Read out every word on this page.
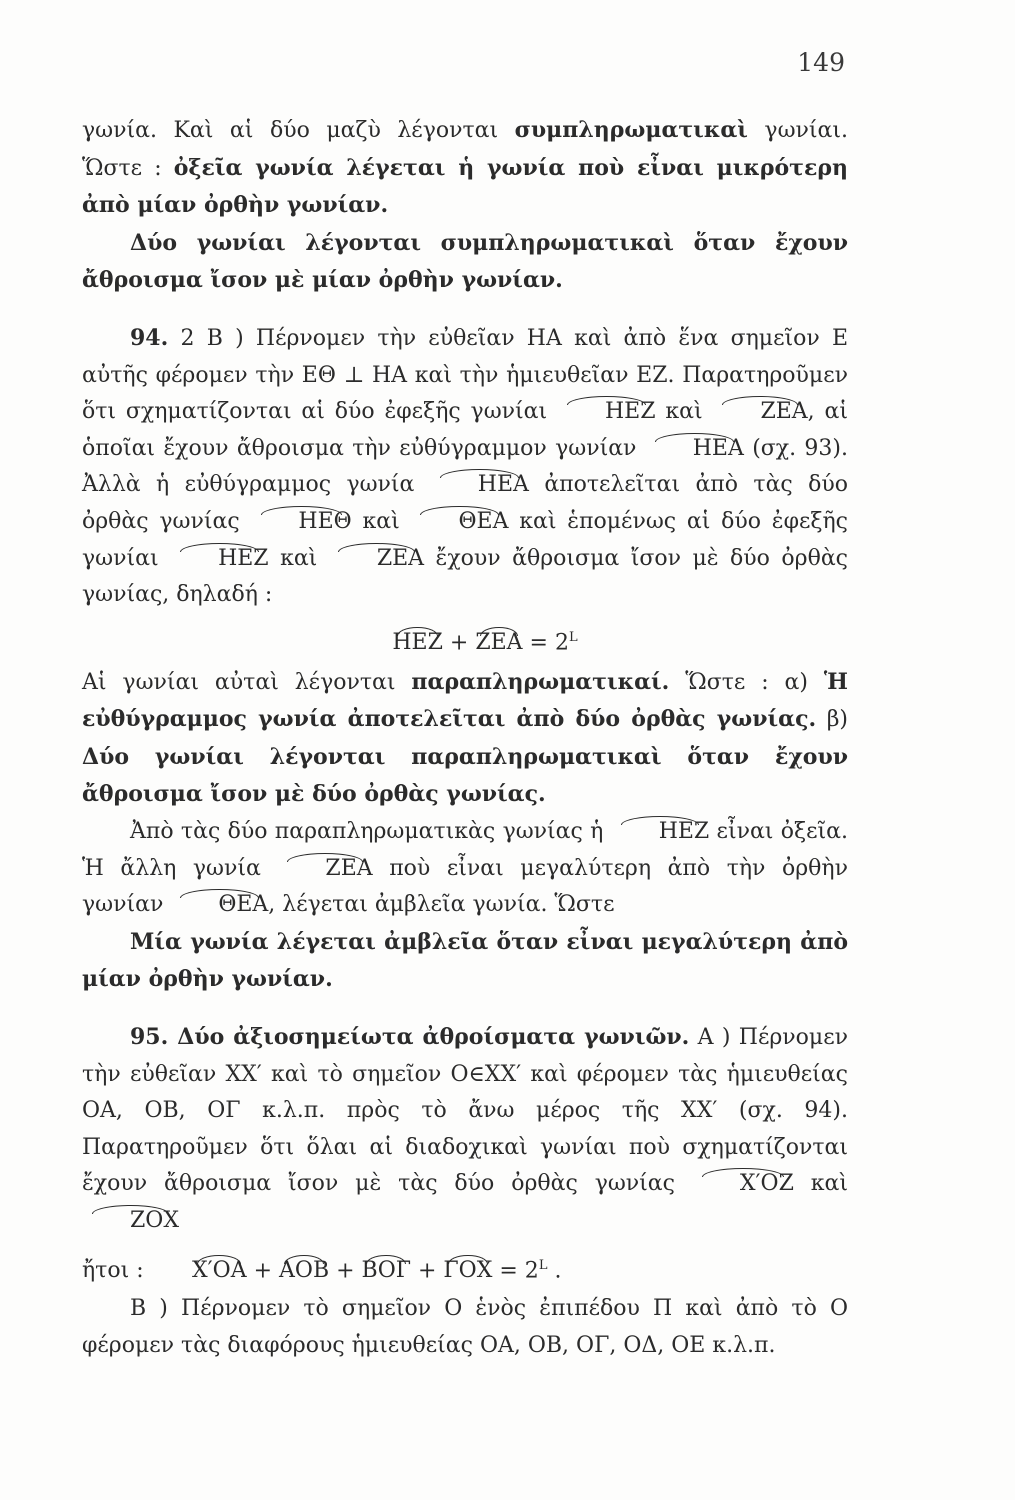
149

γωνία. Καὶ αἱ δύο μαζὺ λέγονται συμπληρωματικαὶ γωνίαι. Ὥστε : ὀξεῖα γωνία λέγεται ἡ γωνία ποὺ εἶναι μικρότερη ἀπὸ μίαν ὀρθὴν γωνίαν.

Δύο γωνίαι λέγονται συμπληρωματικαὶ ὅταν ἔχουν ἄθροισμα ἴσον μὲ μίαν ὀρθὴν γωνίαν.

94. 2 Β ) Πέρνομεν τὴν εὐθεῖαν ΗΑ καὶ ἀπὸ ἕνα σημεῖον Ε αὐτῆς φέρομεν τὴν ΕΘ ⊥ ΗΑ καὶ τὴν ἡμιευθεῖαν ΕΖ. Παρατηροῦμεν ὅτι σχηματίζονται αἱ δύο ἐφεξῆς γωνίαι ΗΕΖ καὶ ΖΕΑ, αἱ ὁποῖαι ἔχουν ἄθροισμα τὴν εὐθύγραμμον γωνίαν ΗΕΑ (σχ. 93). Ἀλλὰ ἡ εὐθύγραμμος γωνία ΗΕΑ ἀποτελεῖται ἀπὸ τὰς δύο ὀρθὰς γωνίας ΗΕΘ καὶ ΘΕΑ καὶ ἑπομένως αἱ δύο ἐφεξῆς γωνίαι ΗΕΖ καὶ ΖΕΑ ἔχουν ἄθροισμα ἴσον μὲ δύο ὀρθὰς γωνίας, δηλαδή :

$HEZ + ZEA = 2^L$

Αἱ γωνίαι αὐταὶ λέγονται παραπληρωματικαί. Ὥστε : α) Ἡ εὐθύγραμμος γωνία ἀποτελεῖται ἀπὸ δύο ὀρθὰς γωνίας. β) Δύο γωνίαι λέγονται παραπληρωματικαὶ ὅταν ἔχουν ἄθροισμα ἴσον μὲ δύο ὀρθὰς γωνίας.

Ἀπὸ τὰς δύο παραπληρωματικὰς γωνίας ἡ ΗΕΖ εἶναι ὀξεῖα. Ἡ ἄλλη γωνία ΖΕΑ ποὺ εἶναι μεγαλύτερη ἀπὸ τὴν ὀρθὴν γωνίαν ΘΕΑ, λέγεται ἀμβλεῖα γωνία. Ὥστε

Μία γωνία λέγεται ἀμβλεῖα ὅταν εἶναι μεγαλύτερη ἀπὸ μίαν ὀρθὴν γωνίαν.

95. Δύο ἀξιοσημείωτα ἀθροίσματα γωνιῶν. Α ) Πέρνομεν τὴν εὐθεῖαν ΧΧ′ καὶ τὸ σημεῖον Ο∈ΧΧ′ καὶ φέρομεν τὰς ἡμιευθείας ΟΑ, ΟΒ, ΟΓ κ.λ.π. πρὸς τὸ ἄνω μέρος τῆς ΧΧ′ (σχ. 94). Παρατηροῦμεν ὅτι ὅλαι αἱ διαδοχικαὶ γωνίαι ποὺ σχηματίζονται ἔχουν ἄθροισμα ἴσον μὲ τὰς δύο ὀρθὰς γωνίας Χ′ΟΖ καὶ ΖΟΧ

ἤτοι : $X'OA + AOB + BO\Gamma + \Gamma OX = 2^L$ .

Β ) Πέρνομεν τὸ σημεῖον Ο ἑνὸς ἐπιπέδου Π καὶ ἀπὸ τὸ Ο φέρομεν τὰς διαφόρους ἡμιευθείας ΟΑ, ΟΒ, ΟΓ, ΟΔ, ΟΕ κ.λ.π.
